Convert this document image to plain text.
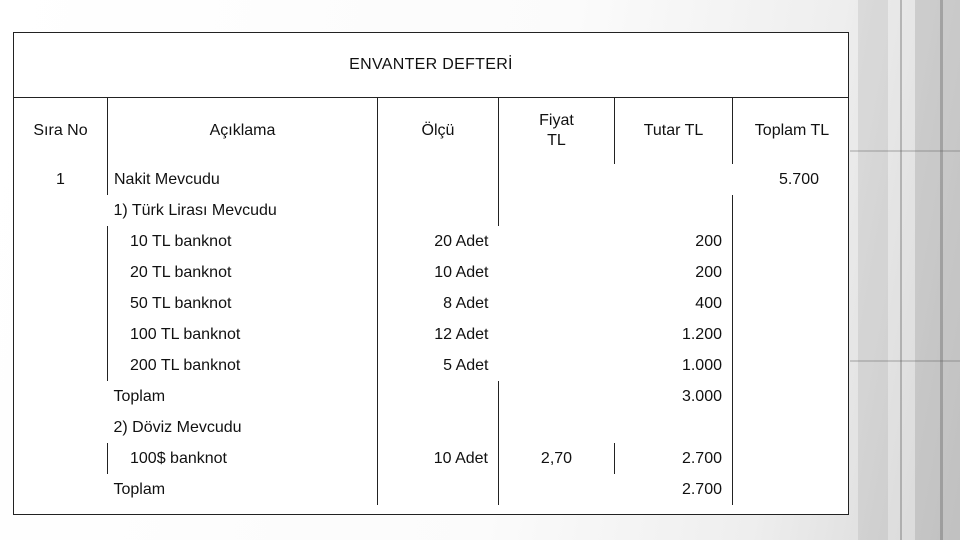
ENVANTER DEFTERİ
Sıra No	Açıklama	Ölçü	Fiyat TL	Tutar TL	Toplam TL
1	Nakit Mevcudu				5.700
	1) Türk Lirası Mevcudu				
	10 TL banknot	20 Adet		200	
	20 TL banknot	10 Adet		200	
	50 TL banknot	8 Adet		400	
	100 TL banknot	12 Adet		1.200	
	200 TL banknot	5 Adet		1.000	
	Toplam			3.000	
	2) Döviz Mevcudu				
	100$ banknot	10 Adet	2,70	2.700	
	Toplam			2.700	
